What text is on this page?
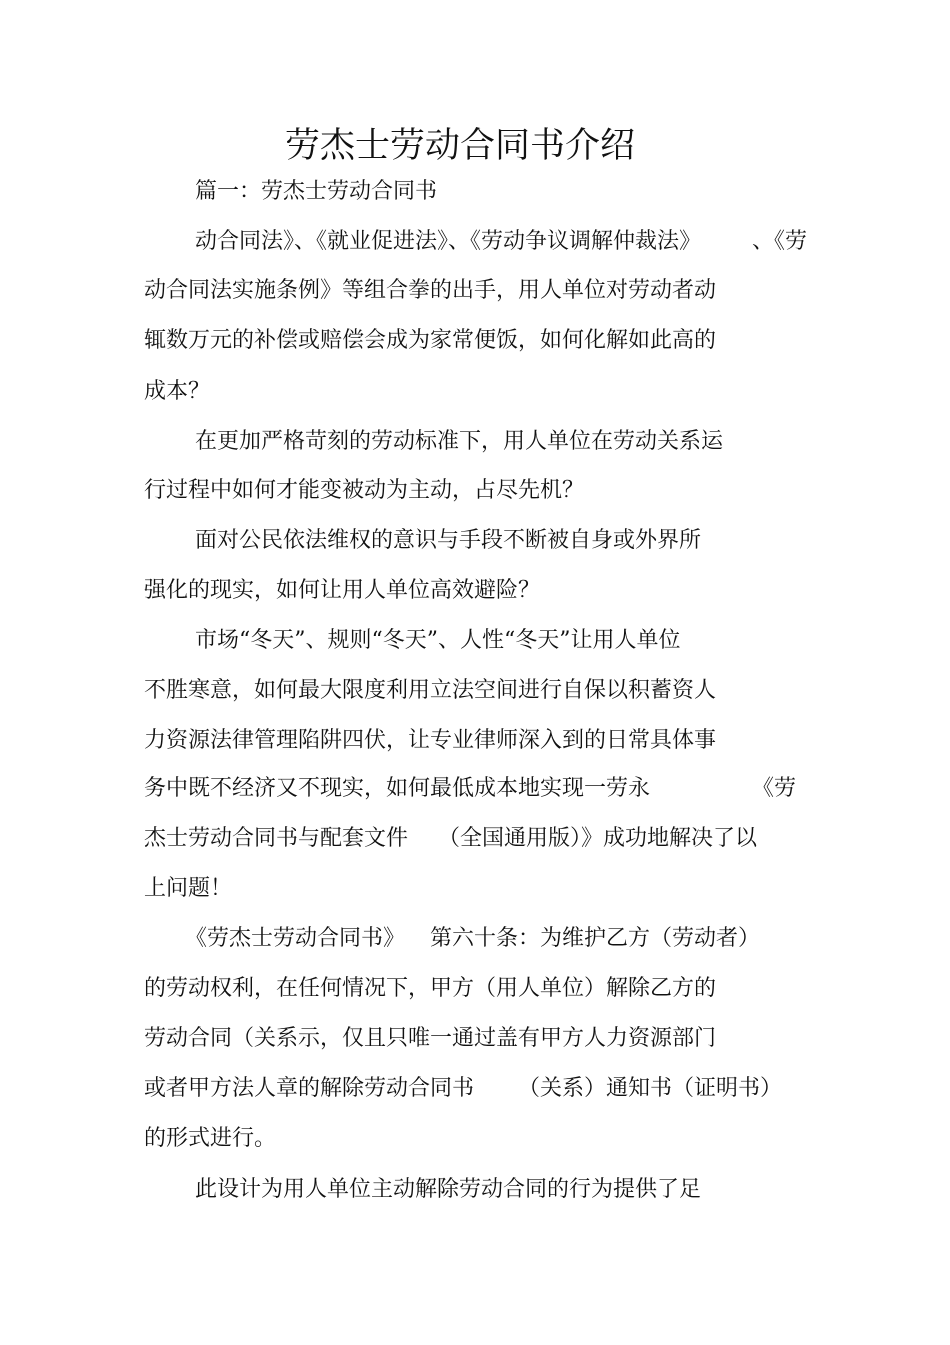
劳杰士劳动合同书介绍
篇一：劳杰士劳动合同书
动合同法》、《就业促进法》、《劳动争议调解仲裁法》 、《劳
动合同法实施条例》等组合拳的出手，用人单位对劳动者动
辄数万元的补偿或赔偿会成为家常便饭，如何化解如此高的
成本？
在更加严格苛刻的劳动标准下，用人单位在劳动关系运
行过程中如何才能变被动为主动，占尽先机？
面对公民依法维权的意识与手段不断被自身或外界所
强化的现实，如何让用人单位高效避险？
市场“冬天”、规则“冬天”、人性“冬天”让用人单位
不胜寒意，如何最大限度利用立法空间进行自保以积蓄资人
力资源法律管理陷阱四伏，让专业律师深入到的日常具体事
务中既不经济又不现实，如何最低成本地实现一劳永	《劳
杰士劳动合同书与配套文件 （全国通用版）》成功地解决了以
上问题！
《劳杰士劳动合同书》 第六十条：为维护乙方（劳动者）
的劳动权利，在任何情况下，甲方（用人单位）解除乙方的
劳动合同（关系示，仅且只唯一通过盖有甲方人力资源部门
或者甲方法人章的解除劳动合同书 （关系）通知书（证明书）
的形式进行。
此设计为用人单位主动解除劳动合同的行为提供了足
